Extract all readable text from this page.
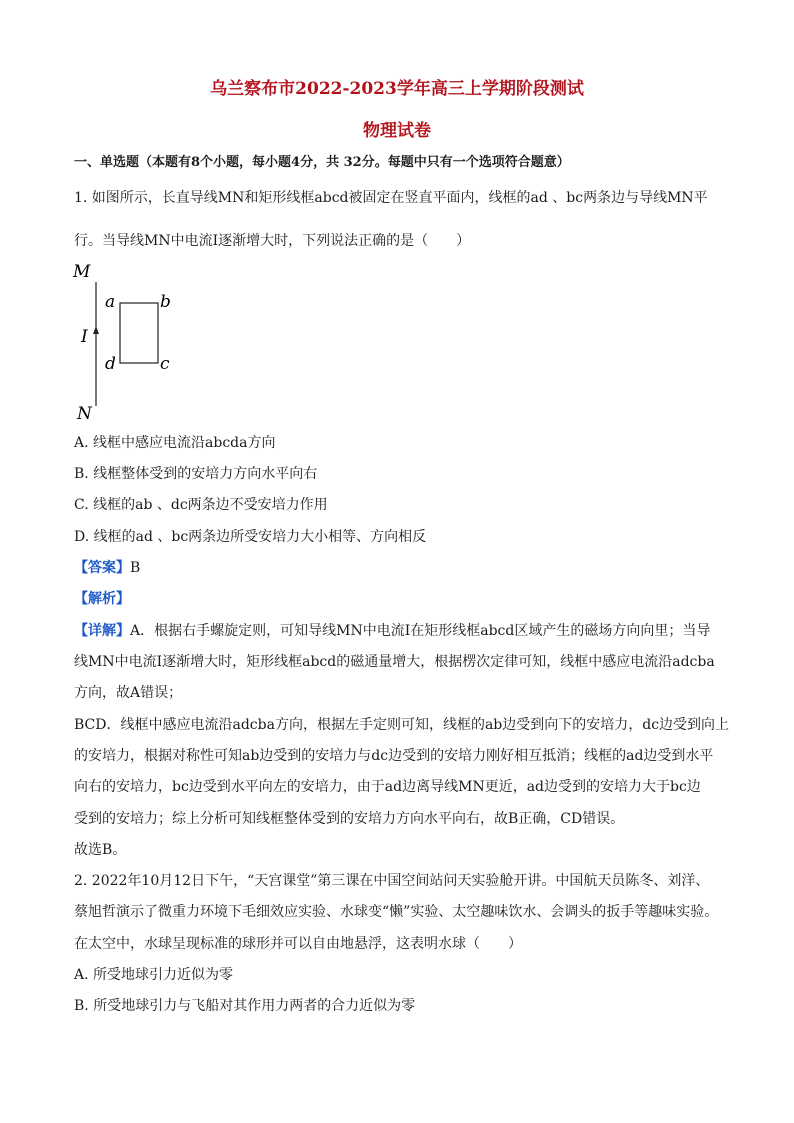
乌兰察布市2022-2023学年高三上学期阶段测试
物理试卷
一、单选题（本题有8个小题，每小题4分，共 32分。每题中只有一个选项符合题意）
1. 如图所示，长直导线MN和矩形线框abcd被固定在竖直平面内，线框的ad 、bc两条边与导线MN平
行。当导线MN中电流I逐渐增大时，下列说法正确的是（　　）
M
N
I
a	b
c
d
A. 线框中感应电流沿abcda方向
B. 线框整体受到的安培力方向水平向右
C. 线框的ab 、dc两条边不受安培力作用
D. 线框的ad 、bc两条边所受安培力大小相等、方向相反
【答案】B
【解析】
【详解】A．根据右手螺旋定则，可知导线MN中电流I在矩形线框abcd区域产生的磁场方向向里；当导
线MN中电流I逐渐增大时，矩形线框abcd的磁通量增大，根据楞次定律可知，线框中感应电流沿adcba
方向，故A错误；
BCD．线框中感应电流沿adcba方向，根据左手定则可知，线框的ab边受到向下的安培力，dc边受到向上
的安培力，根据对称性可知ab边受到的安培力与dc边受到的安培力刚好相互抵消；线框的ad边受到水平
向右的安培力，bc边受到水平向左的安培力，由于ad边离导线MN更近，ad边受到的安培力大于bc边
受到的安培力；综上分析可知线框整体受到的安培力方向水平向右，故B正确，CD错误。
故选B。
2. 2022年10月12日下午，“天宫课堂”第三课在中国空间站问天实验舱开讲。中国航天员陈冬、刘洋、
蔡旭哲演示了微重力环境下毛细效应实验、水球变“懒”实验、太空趣味饮水、会调头的扳手等趣味实验。
在太空中，水球呈现标准的球形并可以自由地悬浮，这表明水球（　　）
A. 所受地球引力近似为零
B. 所受地球引力与飞船对其作用力两者的合力近似为零
